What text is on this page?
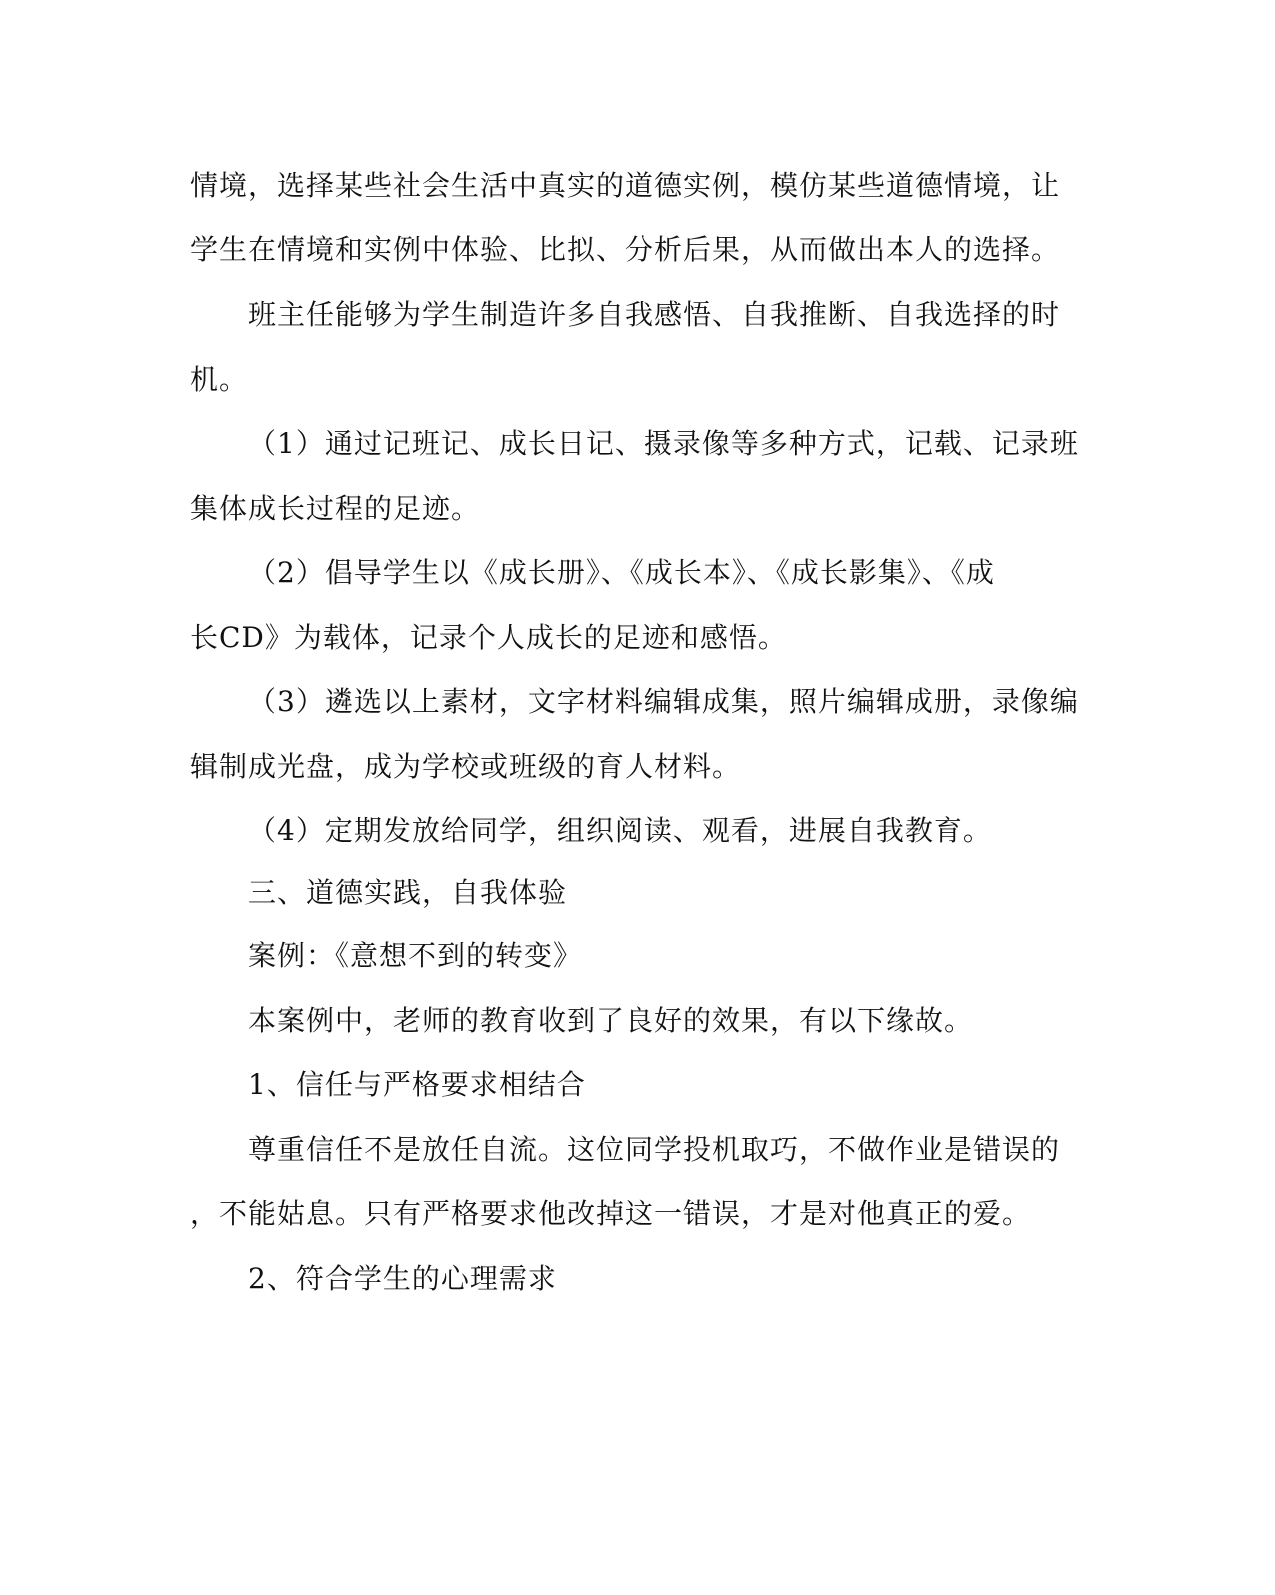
情境，选择某些社会生活中真实的道德实例，模仿某些道德情境，让
学生在情境和实例中体验、比拟、分析后果，从而做出本人的选择。
班主任能够为学生制造许多自我感悟、自我推断、自我选择的时
机。
（1）通过记班记、成长日记、摄录像等多种方式，记载、记录班
集体成长过程的足迹。
（2）倡导学生以《成长册》、《成长本》、《成长影集》、《成
长CD》为载体，记录个人成长的足迹和感悟。
（3）遴选以上素材，文字材料编辑成集，照片编辑成册，录像编
辑制成光盘，成为学校或班级的育人材料。
（4）定期发放给同学，组织阅读、观看，进展自我教育。
三、道德实践，自我体验
案例：《意想不到的转变》
本案例中，老师的教育收到了良好的效果，有以下缘故。
1、信任与严格要求相结合
尊重信任不是放任自流。这位同学投机取巧，不做作业是错误的
，不能姑息。只有严格要求他改掉这一错误，才是对他真正的爱。
2、符合学生的心理需求
